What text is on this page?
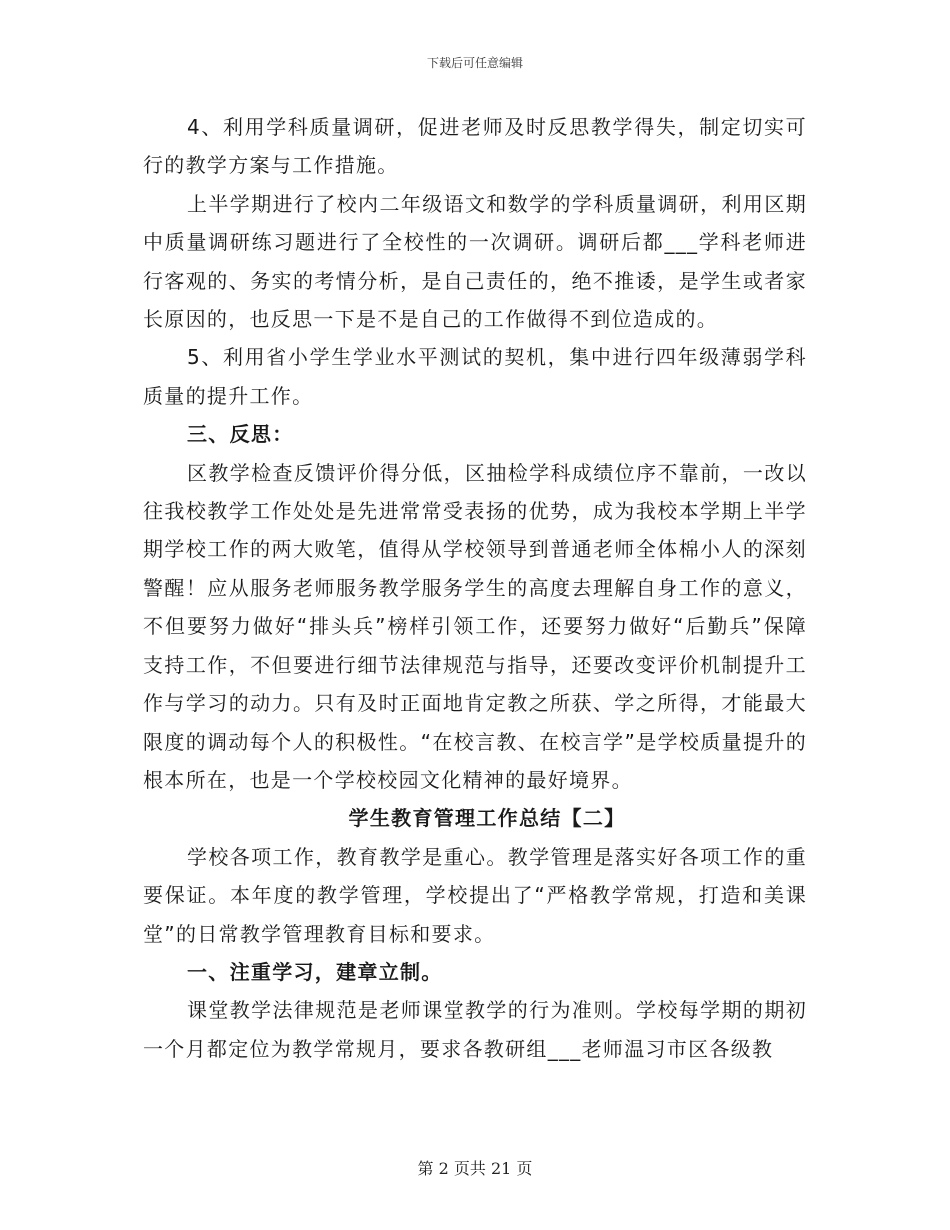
下载后可任意编辑

4、利用学科质量调研，促进老师及时反思教学得失，制定切实可行的教学方案与工作措施。

上半学期进行了校内二年级语文和数学的学科质量调研，利用区期中质量调研练习题进行了全校性的一次调研。调研后都___学科老师进行客观的、务实的考情分析，是自己责任的，绝不推诿，是学生或者家长原因的，也反思一下是不是自己的工作做得不到位造成的。

5、利用省小学生学业水平测试的契机，集中进行四年级薄弱学科质量的提升工作。

三、反思：

区教学检查反馈评价得分低，区抽检学科成绩位序不靠前，一改以往我校教学工作处处是先进常常受表扬的优势，成为我校本学期上半学期学校工作的两大败笔，值得从学校领导到普通老师全体棉小人的深刻警醒！应从服务老师服务教学服务学生的高度去理解自身工作的意义，不但要努力做好“排头兵”榜样引领工作，还要努力做好“后勤兵”保障支持工作，不但要进行细节法律规范与指导，还要改变评价机制提升工作与学习的动力。只有及时正面地肯定教之所获、学之所得，才能最大限度的调动每个人的积极性。“在校言教、在校言学”是学校质量提升的根本所在，也是一个学校校园文化精神的最好境界。

学生教育管理工作总结【二】

学校各项工作，教育教学是重心。教学管理是落实好各项工作的重要保证。本年度的教学管理，学校提出了“严格教学常规，打造和美课堂”的日常教学管理教育目标和要求。

一、注重学习，建章立制。

课堂教学法律规范是老师课堂教学的行为准则。学校每学期的期初一个月都定位为教学常规月，要求各教研组___老师温习市区各级教

第 2 页共 21 页
